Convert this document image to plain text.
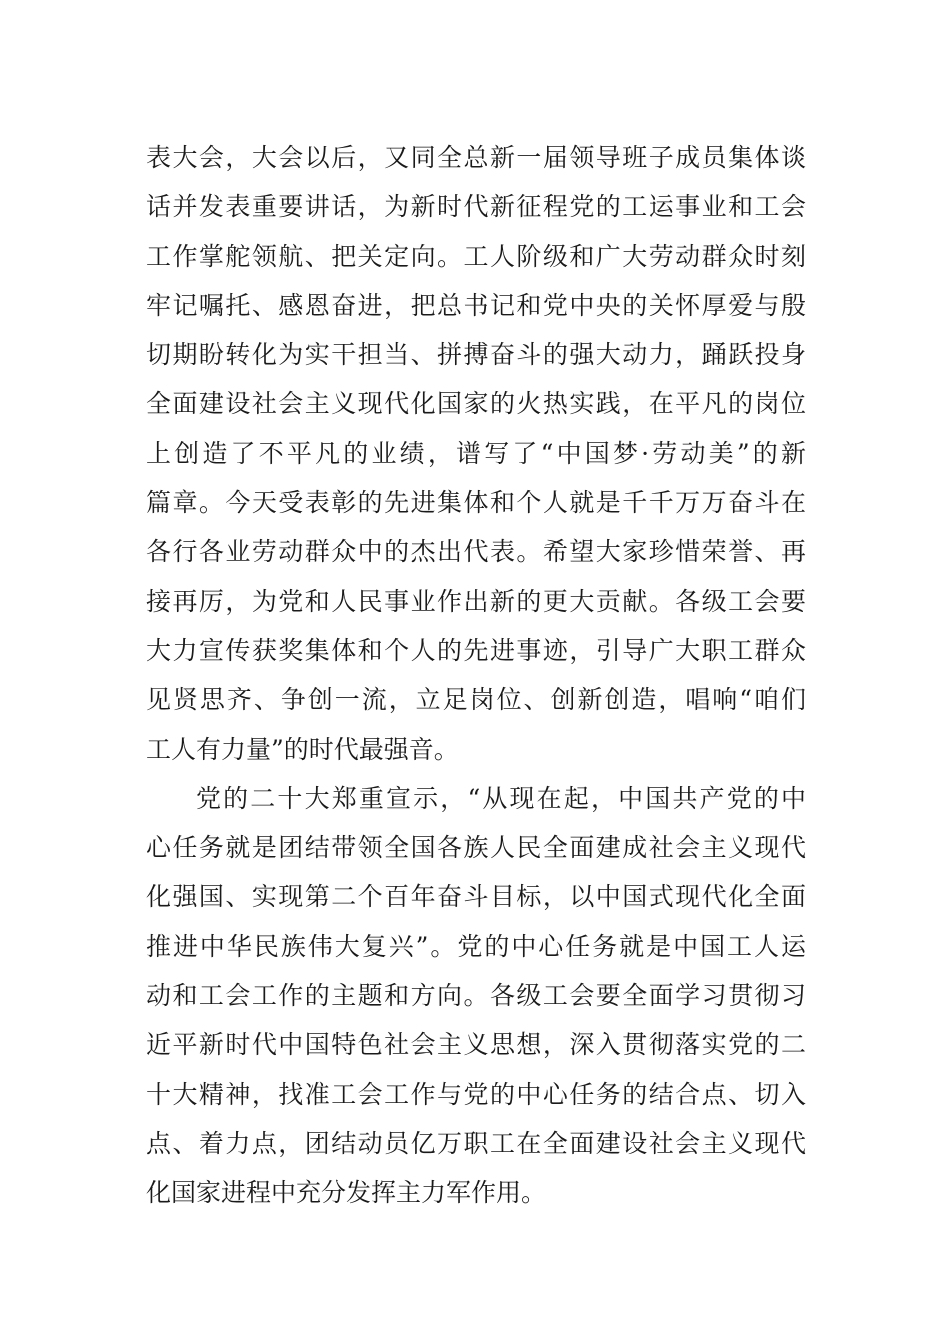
表大会，大会以后，又同全总新一届领导班子成员集体谈
话并发表重要讲话，为新时代新征程党的工运事业和工会
工作掌舵领航、把关定向。工人阶级和广大劳动群众时刻
牢记嘱托、感恩奋进，把总书记和党中央的关怀厚爱与殷
切期盼转化为实干担当、拼搏奋斗的强大动力，踊跃投身
全面建设社会主义现代化国家的火热实践，在平凡的岗位
上创造了不平凡的业绩，谱写了“中国梦·劳动美”的新
篇章。今天受表彰的先进集体和个人就是千千万万奋斗在
各行各业劳动群众中的杰出代表。希望大家珍惜荣誉、再
接再厉，为党和人民事业作出新的更大贡献。各级工会要
大力宣传获奖集体和个人的先进事迹，引导广大职工群众
见贤思齐、争创一流，立足岗位、创新创造，唱响“咱们
工人有力量”的时代最强音。
党的二十大郑重宣示，“从现在起，中国共产党的中
心任务就是团结带领全国各族人民全面建成社会主义现代
化强国、实现第二个百年奋斗目标，以中国式现代化全面
推进中华民族伟大复兴”。党的中心任务就是中国工人运
动和工会工作的主题和方向。各级工会要全面学习贯彻习
近平新时代中国特色社会主义思想，深入贯彻落实党的二
十大精神，找准工会工作与党的中心任务的结合点、切入
点、着力点，团结动员亿万职工在全面建设社会主义现代
化国家进程中充分发挥主力军作用。
